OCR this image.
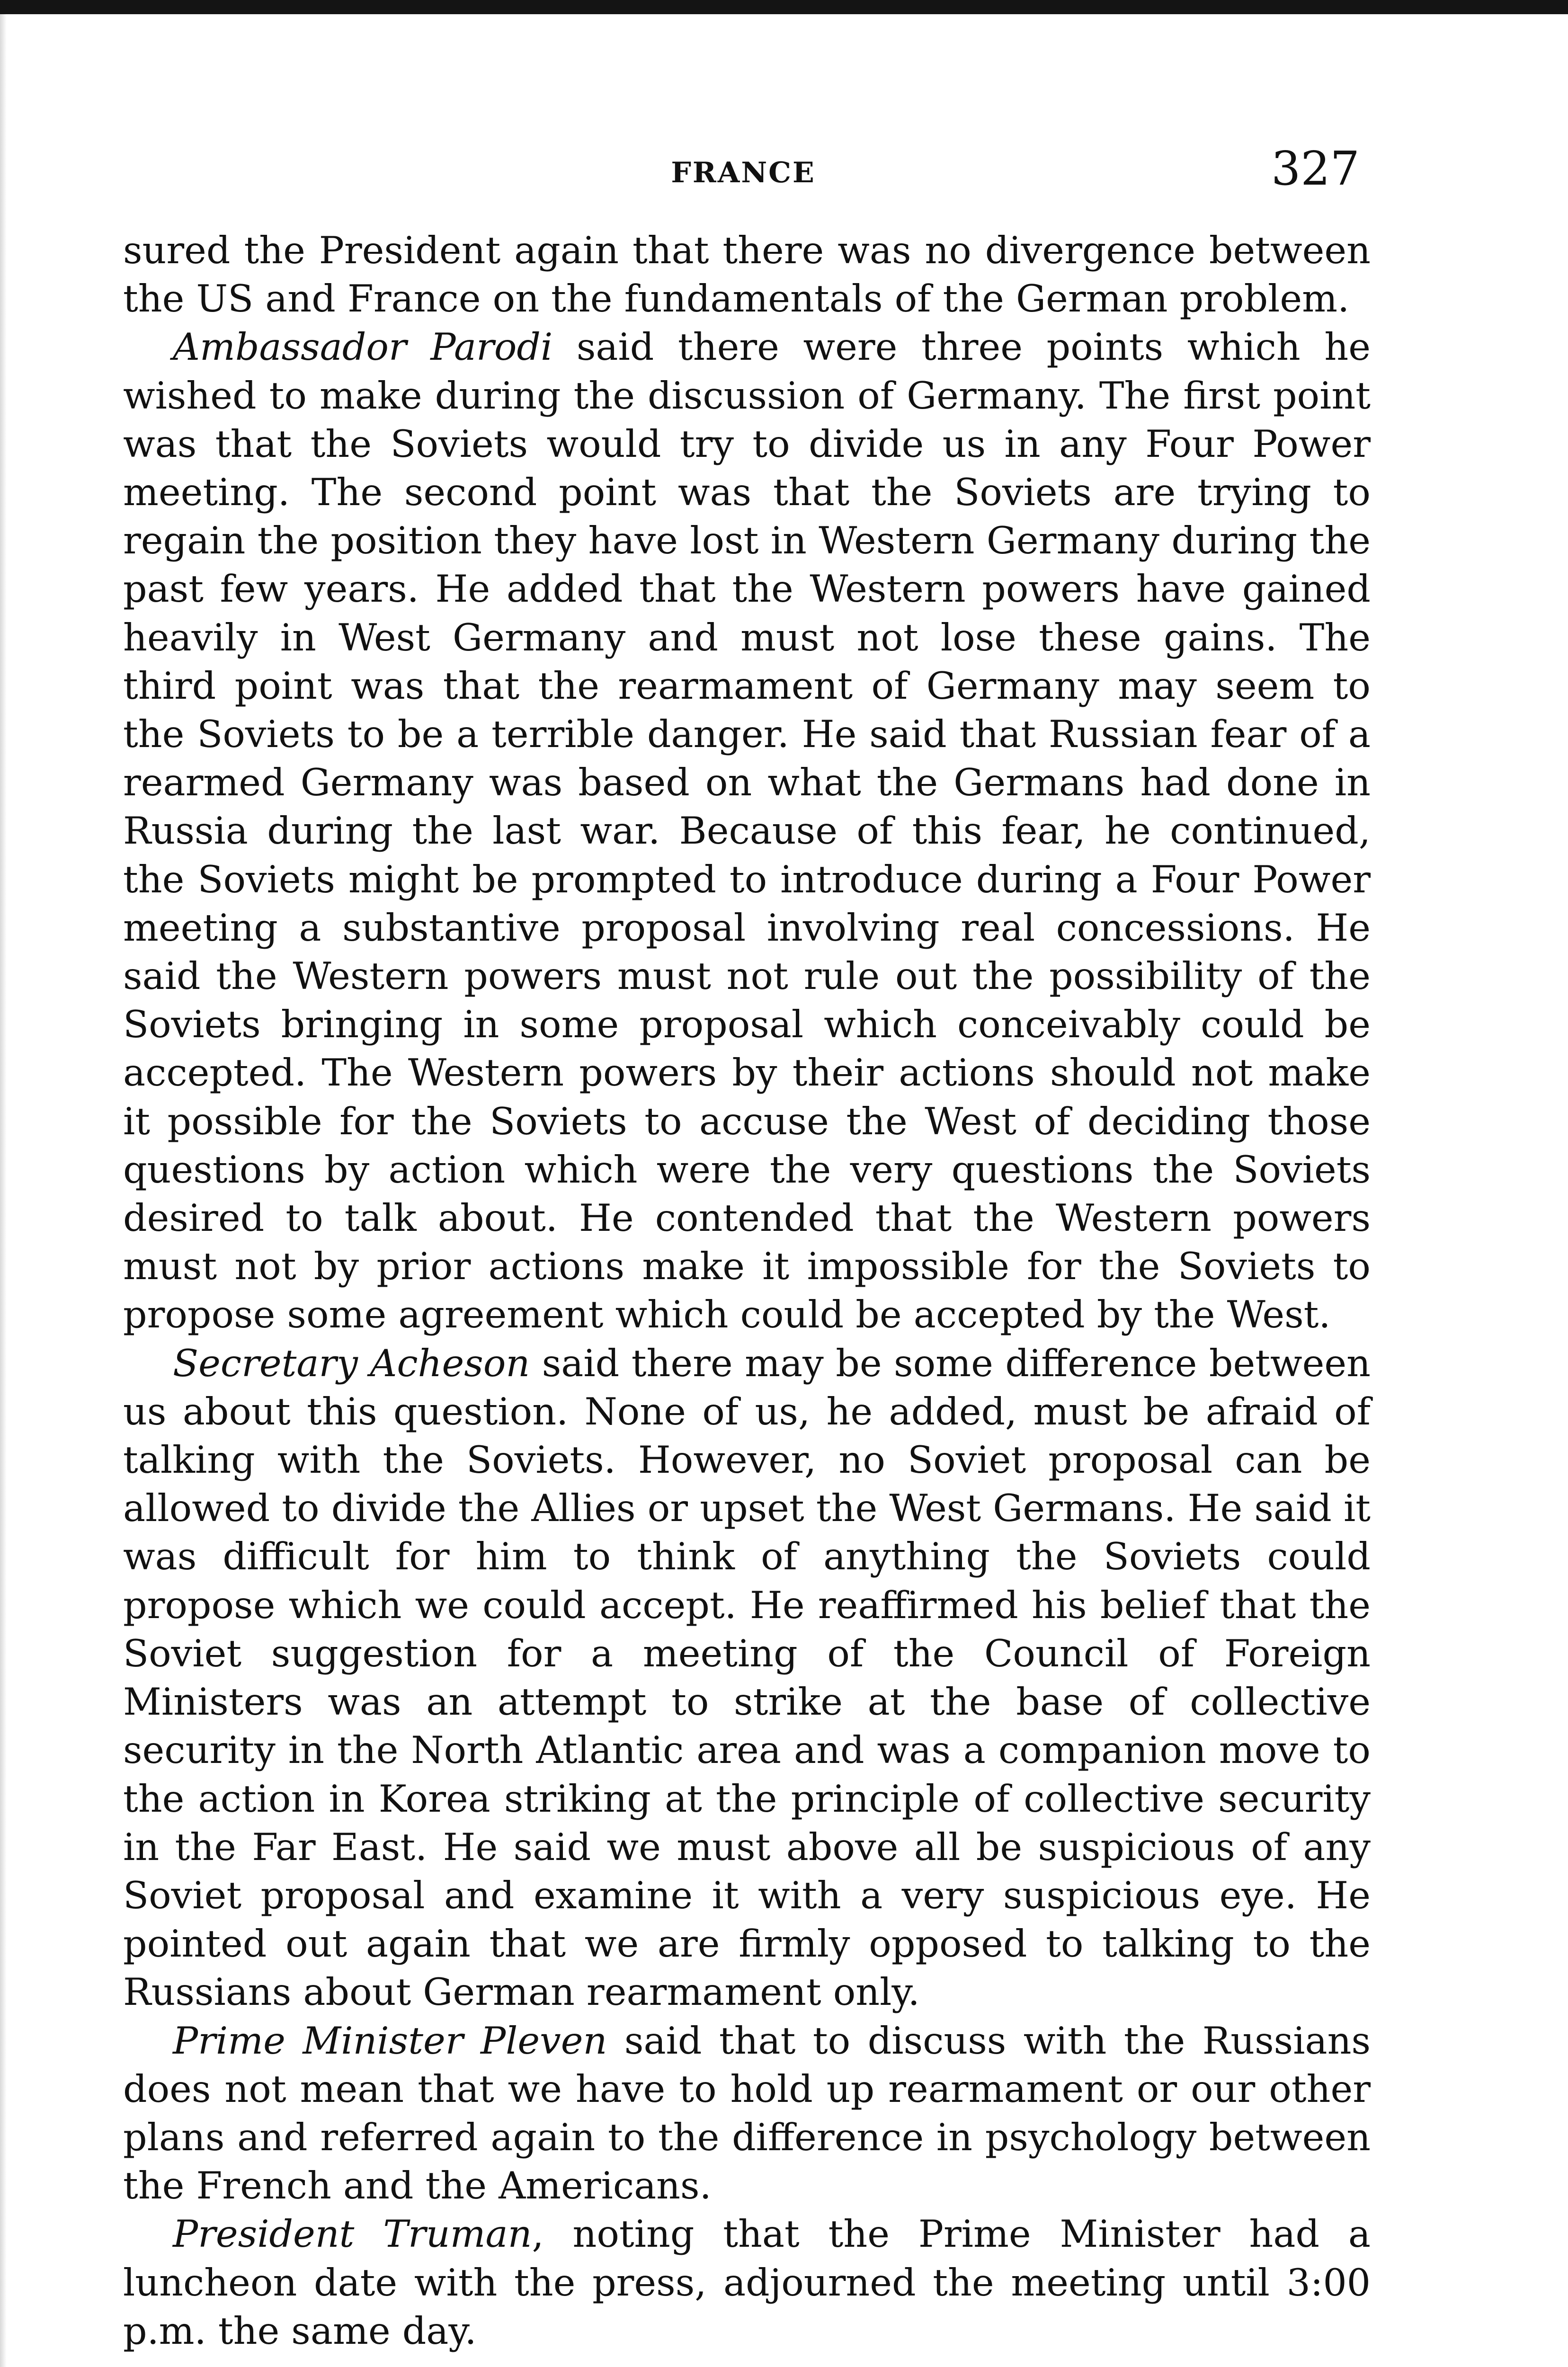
FRANCE	327

sured the President again that there was no divergence between the US and France on the fundamentals of the German problem.

Ambassador Parodi said there were three points which he wished to make during the discussion of Germany. The first point was that the Soviets would try to divide us in any Four Power meeting. The second point was that the Soviets are trying to regain the position they have lost in Western Germany during the past few years. He added that the Western powers have gained heavily in West Germany and must not lose these gains. The third point was that the rearmament of Germany may seem to the Soviets to be a terrible danger. He said that Russian fear of a rearmed Germany was based on what the Germans had done in Russia during the last war. Because of this fear, he continued, the Soviets might be prompted to introduce during a Four Power meeting a substantive proposal involving real concessions. He said the Western powers must not rule out the possibility of the Soviets bringing in some proposal which conceivably could be accepted. The Western powers by their actions should not make it possible for the Soviets to accuse the West of deciding those questions by action which were the very questions the Soviets desired to talk about. He contended that the Western powers must not by prior actions make it impossible for the Soviets to propose some agreement which could be accepted by the West.

Secretary Acheson said there may be some difference between us about this question. None of us, he added, must be afraid of talking with the Soviets. However, no Soviet proposal can be allowed to divide the Allies or upset the West Germans. He said it was difficult for him to think of anything the Soviets could propose which we could accept. He reaffirmed his belief that the Soviet suggestion for a meeting of the Council of Foreign Ministers was an attempt to strike at the base of collective security in the North Atlantic area and was a companion move to the action in Korea striking at the principle of collective security in the Far East. He said we must above all be suspicious of any Soviet proposal and examine it with a very suspicious eye. He pointed out again that we are firmly opposed to talking to the Russians about German rearmament only.

Prime Minister Pleven said that to discuss with the Russians does not mean that we have to hold up rearmament or our other plans and referred again to the difference in psychology between the French and the Americans.

President Truman, noting that the Prime Minister had a luncheon date with the press, adjourned the meeting until 3:00 p.m. the same day.
